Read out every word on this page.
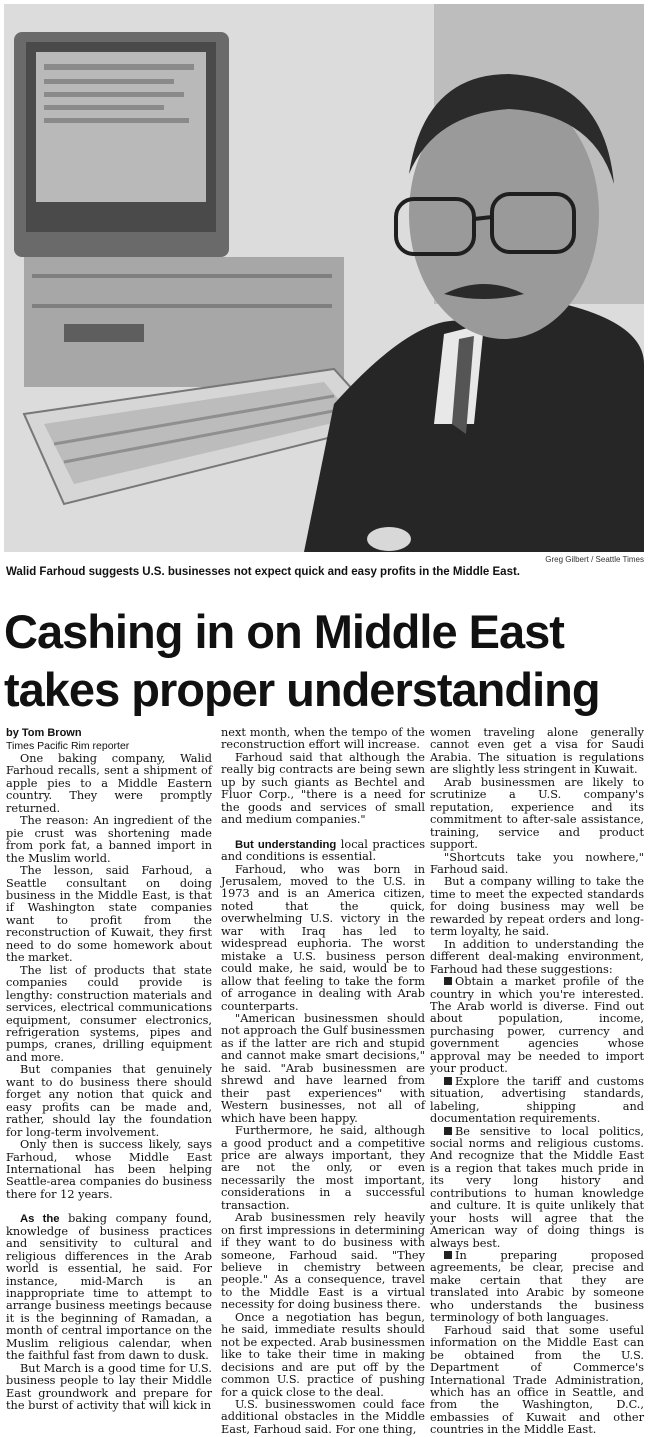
Greg Gilbert / Seattle Times
Walid Farhoud suggests U.S. businesses not expect quick and easy profits in the Middle East.
Cashing in on Middle East
takes proper understanding

by Tom Brown

Times Pacific Rim reporter

One baking company, Walid Farhoud recalls, sent a shipment of apple pies to a Middle Eastern country. They were promptly returned.

The reason: An ingredient of the pie crust was shortening made from pork fat, a banned import in the Muslim world.

The lesson, said Farhoud, a Seattle consultant on doing business in the Middle East, is that if Washington state companies want to profit from the reconstruction of Kuwait, they first need to do some homework about the market.

The list of products that state companies could provide is lengthy: construction materials and services, electrical communications equipment, consumer electronics, refrigeration systems, pipes and pumps, cranes, drilling equipment and more.

But companies that genuinely want to do business there should forget any notion that quick and easy profits can be made and, rather, should lay the foundation for long-term involvement.

Only then is success likely, says Farhoud, whose Middle East International has been helping Seattle-area companies do business there for 12 years.

As the baking company found, knowledge of business practices and sensitivity to cultural and religious differences in the Arab world is essential, he said. For instance, mid-March is an inappropriate time to attempt to arrange business meetings because it is the beginning of Ramadan, a month of central importance on the Muslim religious calendar, when the faithful fast from dawn to dusk.

But March is a good time for U.S. business people to lay their Middle East groundwork and prepare for the burst of activity that will kick in

next month, when the tempo of the reconstruction effort will increase.

Farhoud said that although the really big contracts are being sewn up by such giants as Bechtel and Fluor Corp., "there is a need for the goods and services of small and medium companies."

But understanding local practices and conditions is essential.

Farhoud, who was born in Jerusalem, moved to the U.S. in 1973 and is an America citizen, noted that the quick, overwhelming U.S. victory in the war with Iraq has led to widespread euphoria. The worst mistake a U.S. business person could make, he said, would be to allow that feeling to take the form of arrogance in dealing with Arab counterparts.

"American businessmen should not approach the Gulf businessmen as if the latter are rich and stupid and cannot make smart decisions," he said. "Arab businessmen are shrewd and have learned from their past experiences" with Western businesses, not all of which have been happy.

Furthermore, he said, although a good product and a competitive price are always important, they are not the only, or even necessarily the most important, considerations in a successful transaction.

Arab businessmen rely heavily on first impressions in determining if they want to do business with someone, Farhoud said. "They believe in chemistry between people." As a consequence, travel to the Middle East is a virtual necessity for doing business there.

Once a negotiation has begun, he said, immediate results should not be expected. Arab businessmen like to take their time in making decisions and are put off by the common U.S. practice of pushing for a quick close to the deal.

U.S. businesswomen could face additional obstacles in the Middle East, Farhoud said. For one thing,

women traveling alone generally cannot even get a visa for Saudi Arabia. The situation is regulations are slightly less stringent in Kuwait.

Arab businessmen are likely to scrutinize a U.S. company's reputation, experience and its commitment to after-sale assistance, training, service and product support.

"Shortcuts take you nowhere," Farhoud said.

But a company willing to take the time to meet the expected standards for doing business may well be rewarded by repeat orders and long-term loyalty, he said.

In addition to understanding the different deal-making environment, Farhoud had these suggestions:

Obtain a market profile of the country in which you're interested. The Arab world is diverse. Find out about population, income, purchasing power, currency and government agencies whose approval may be needed to import your product.

Explore the tariff and customs situation, advertising standards, labeling, shipping and documentation requirements.

Be sensitive to local politics, social norms and religious customs. And recognize that the Middle East is a region that takes much pride in its very long history and contributions to human knowledge and culture. It is quite unlikely that your hosts will agree that the American way of doing things is always best.

In preparing proposed agreements, be clear, precise and make certain that they are translated into Arabic by someone who understands the business terminology of both languages.

Farhoud said that some useful information on the Middle East can be obtained from the U.S. Department of Commerce's International Trade Administration, which has an office in Seattle, and from the Washington, D.C., embassies of Kuwait and other countries in the Middle East.
